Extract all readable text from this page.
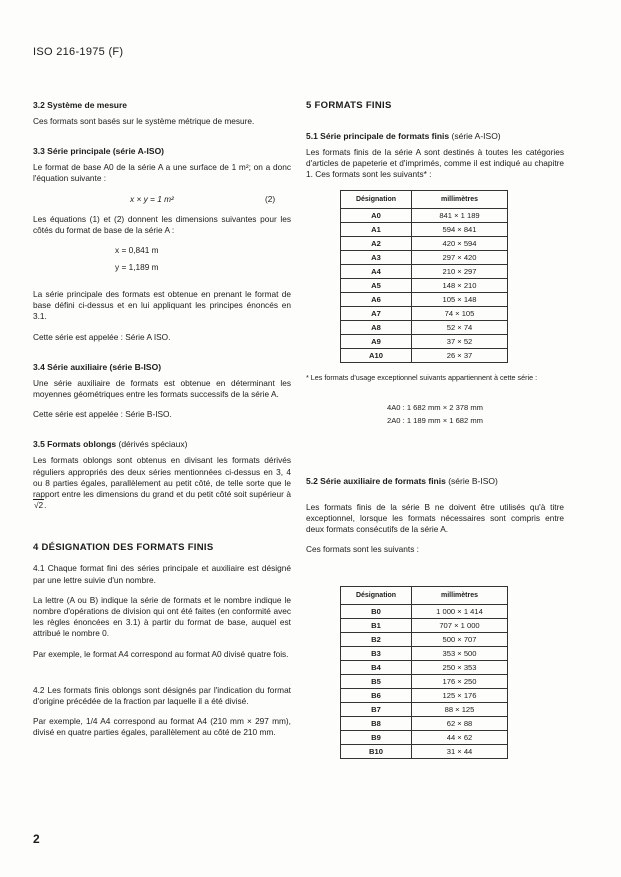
ISO 216-1975 (F)
3.2 Système de mesure

Ces formats sont basés sur le système métrique de mesure.

3.3 Série principale (série A-ISO)

Le format de base A0 de la série A a une surface de 1 m²; on a donc l'équation suivante :

x × y = 1 m²	(2)

Les équations (1) et (2) donnent les dimensions suivantes pour les côtés du format de base de la série A :

x = 0,841 m
y = 1,189 m

La série principale des formats est obtenue en prenant le format de base défini ci-dessus et en lui appliquant les principes énoncés en 3.1.

Cette série est appelée : Série A ISO.

3.4 Série auxiliaire (série B-ISO)

Une série auxiliaire de formats est obtenue en déterminant les moyennes géométriques entre les formats successifs de la série A.

Cette série est appelée : Série B-ISO.

3.5 Formats oblongs (dérivés spéciaux)

Les formats oblongs sont obtenus en divisant les formats dérivés réguliers appropriés des deux séries mentionnées ci-dessus en 3, 4 ou 8 parties égales, parallèlement au petit côté, de telle sorte que le rapport entre les dimensions du grand et du petit côté soit supérieur à √2.

4 DÉSIGNATION DES FORMATS FINIS

4.1 Chaque format fini des séries principale et auxiliaire est désigné par une lettre suivie d'un nombre.

La lettre (A ou B) indique la série de formats et le nombre indique le nombre d'opérations de division qui ont été faites (en conformité avec les règles énoncées en 3.1) à partir du format de base, auquel est attribué le nombre 0.

Par exemple, le format A4 correspond au format A0 divisé quatre fois.

4.2 Les formats finis oblongs sont désignés par l'indication du format d'origine précédée de la fraction par laquelle il a été divisé.

Par exemple, 1/4 A4 correspond au format A4 (210 mm × 297 mm), divisé en quatre parties égales, parallèlement au côté de 210 mm.

5 FORMATS FINIS
5.1 Série principale de formats finis (série A-ISO)

Les formats finis de la série A sont destinés à toutes les catégories d'articles de papeterie et d'imprimés, comme il est indiqué au chapitre 1. Ces formats sont les suivants* :

Désignation	millimètres
A0	841 × 1 189
A1	594 × 841
A2	420 × 594
A3	297 × 420
A4	210 × 297
A5	148 × 210
A6	105 × 148
A7	74 × 105
A8	52 × 74
A9	37 × 52
A10	26 × 37

* Les formats d'usage exceptionnel suivants appartiennent à cette série :

4A0 : 1 682 mm × 2 378 mm
2A0 : 1 189 mm × 1 682 mm
5.2 Série auxiliaire de formats finis (série B-ISO)

Les formats finis de la série B ne doivent être utilisés qu'à titre exceptionnel, lorsque les formats nécessaires sont compris entre deux formats consécutifs de la série A.

Ces formats sont les suivants :

Désignation	millimètres
B0	1 000 × 1 414
B1	707 × 1 000
B2	500 × 707
B3	353 × 500
B4	250 × 353
B5	176 × 250
B6	125 × 176
B7	88 × 125
B8	62 × 88
B9	44 × 62
B10	31 × 44
2
